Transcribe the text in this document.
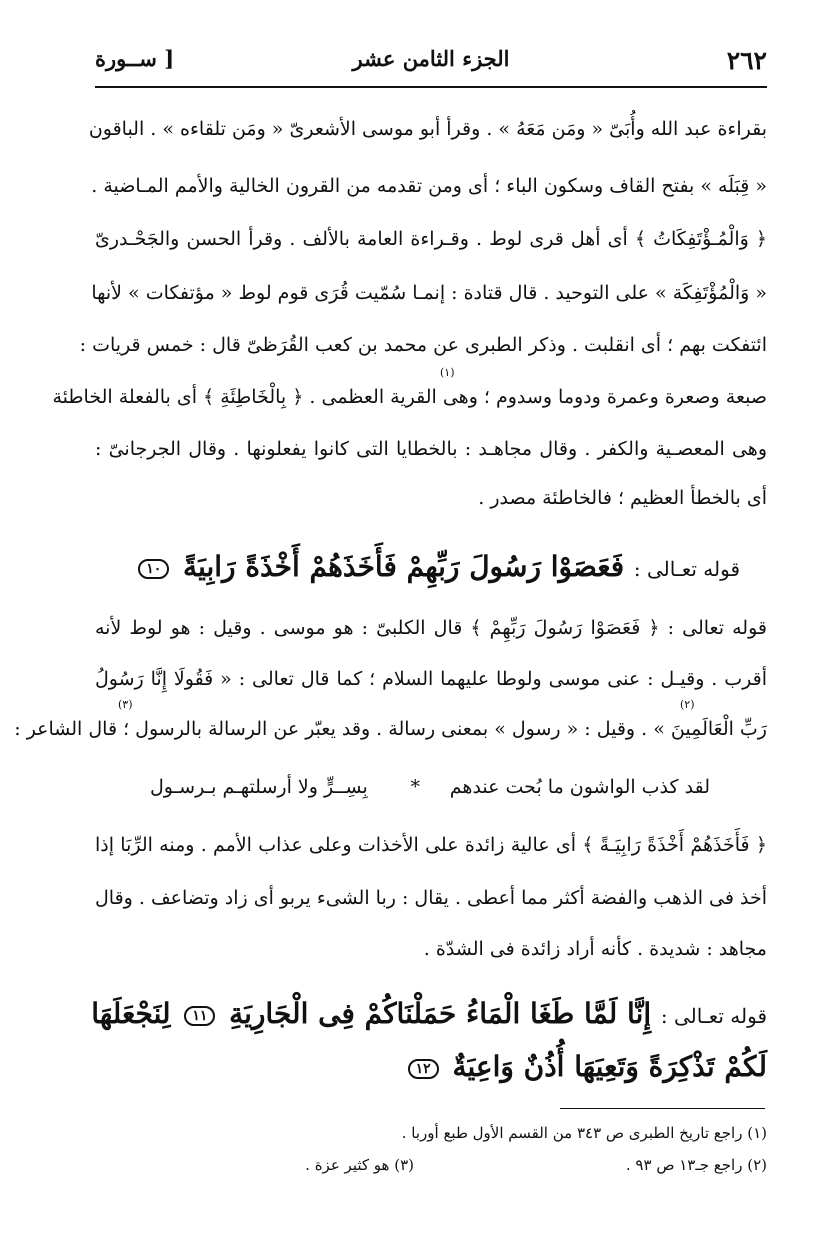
٢٦٢
الجزء الثامن عشر
[ ســورة
بقراءة عبد الله وأُبَىّ « ومَن مَعَهُ » . وقرأ أبو موسى الأشعرىّ « ومَن تلقاءه » . الباقون
« قِبَلَه » بفتح القاف وسكون الباء ؛ أى ومن تقدمه من القرون الخالية والأمم المـاضية .
﴿ وَالْمُـؤْتَفِكَاتُ ﴾ أى أهل قرى لوط . وقـراءة العامة بالألف . وقرأ الحسن والجَحْـدرىّ
« وَالْمُؤْتَفِكَة » على التوحيد . قال قتادة : إنمـا سُمّيت قُرَى قوم لوط « مؤتفكات » لأنها
ائتفكت بهم ؛ أى انقلبت . وذكر الطبرى عن محمد بن كعب القُرَظىّ قال : خمس قريات :
(١)
صبعة وصعرة وعمرة ودوما وسدوم ؛ وهى القرية العظمى . ﴿ بِالْخَاطِئَةِ ﴾ أى بالفعلة الخاطئة
وهى المعصـية والكفر . وقال مجاهـد : بالخطايا التى كانوا يفعلونها . وقال الجرجانىّ :
أى بالخطأ العظيم ؛ فالخاطئة مصدر .
قوله تعـالى : فَعَصَوْا رَسُولَ رَبِّهِمْ فَأَخَذَهُمْ أَخْذَةً رَابِيَةً ١٠
قوله تعالى : ﴿ فَعَصَوْا رَسُولَ رَبِّهِمْ ﴾ قال الكلبىّ : هو موسى . وقيل : هو لوط لأنه
أقرب . وقيـل : عنى موسى ولوطا عليهما السلام ؛ كما قال تعالى : « فَقُولَا إِنَّا رَسُولُ
(٣)	(٢)
رَبِّ الْعَالَمِينَ » . وقيل : « رسول » بمعنى رسالة . وقد يعبّر عن الرسالة بالرسول ؛ قال الشاعر :
لقد كذب الواشون ما بُحت عندهم
*
بِسِــرٍّ ولا أرسلتهـم بـرسـول
﴿ فَأَخَذَهُمْ أَخْذَةً رَابِيَـةً ﴾ أى عالية زائدة على الأخذات وعلى عذاب الأمم . ومنه الرِّبَا إذا
أخذ فى الذهب والفضة أكثر مما أعطى . يقال : ربا الشىء يربو أى زاد وتضاعف . وقال
مجاهد : شديدة . كأنه أراد زائدة فى الشدّة .
قوله تعـالى : إِنَّا لَمَّا طَغَا الْمَاءُ حَمَلْنَاكُمْ فِى الْجَارِيَةِ ١١ لِنَجْعَلَهَا
لَكُمْ تَذْكِرَةً وَتَعِيَهَا أُذُنٌ وَاعِيَةٌ ١٢
(١) راجع تاريخ الطبرى ص ٣٤٣ من القسم الأول طبع أوربا .
(٢) راجع جـ١٣ ص ٩٣ .
(٣) هو كثير عزة .
